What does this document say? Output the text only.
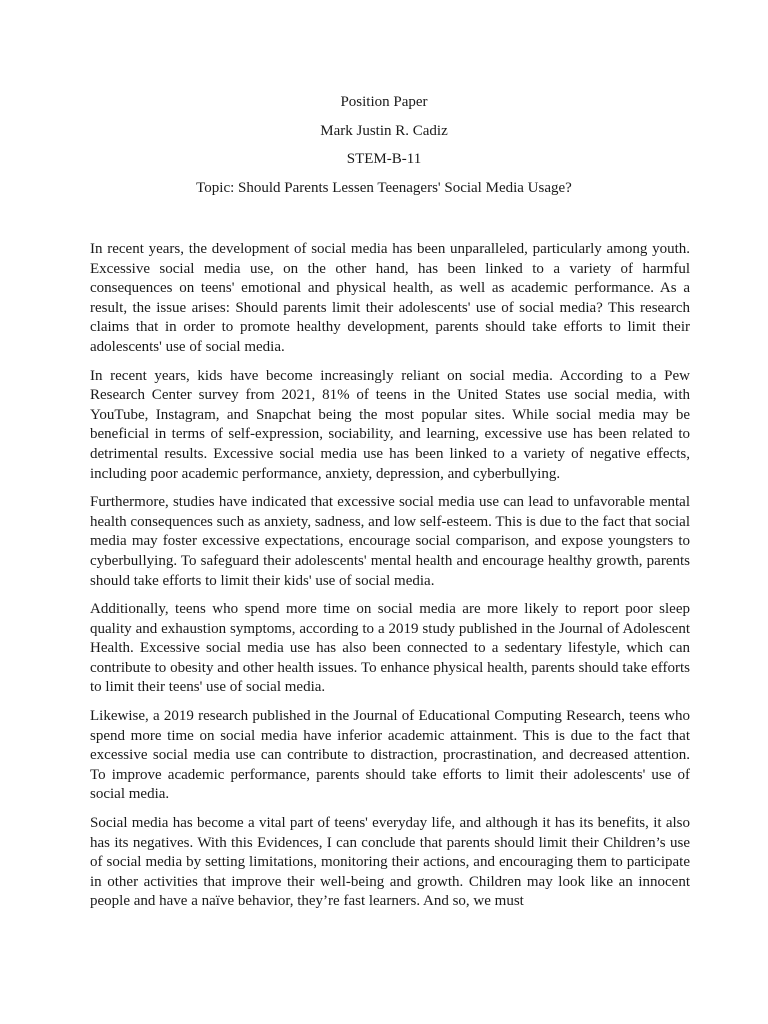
Position Paper

Mark Justin R. Cadiz

STEM-B-11

Topic: Should Parents Lessen Teenagers' Social Media Usage?

In recent years, the development of social media has been unparalleled, particularly among youth. Excessive social media use, on the other hand, has been linked to a variety of harmful consequences on teens' emotional and physical health, as well as academic performance. As a result, the issue arises: Should parents limit their adolescents' use of social media? This research claims that in order to promote healthy development, parents should take efforts to limit their adolescents' use of social media.

In recent years, kids have become increasingly reliant on social media. According to a Pew Research Center survey from 2021, 81% of teens in the United States use social media, with YouTube, Instagram, and Snapchat being the most popular sites. While social media may be beneficial in terms of self-expression, sociability, and learning, excessive use has been related to detrimental results. Excessive social media use has been linked to a variety of negative effects, including poor academic performance, anxiety, depression, and cyberbullying.

Furthermore, studies have indicated that excessive social media use can lead to unfavorable mental health consequences such as anxiety, sadness, and low self-esteem. This is due to the fact that social media may foster excessive expectations, encourage social comparison, and expose youngsters to cyberbullying. To safeguard their adolescents' mental health and encourage healthy growth, parents should take efforts to limit their kids' use of social media.

Additionally, teens who spend more time on social media are more likely to report poor sleep quality and exhaustion symptoms, according to a 2019 study published in the Journal of Adolescent Health. Excessive social media use has also been connected to a sedentary lifestyle, which can contribute to obesity and other health issues. To enhance physical health, parents should take efforts to limit their teens' use of social media.

Likewise, a 2019 research published in the Journal of Educational Computing Research, teens who spend more time on social media have inferior academic attainment. This is due to the fact that excessive social media use can contribute to distraction, procrastination, and decreased attention. To improve academic performance, parents should take efforts to limit their adolescents' use of social media.

Social media has become a vital part of teens' everyday life, and although it has its benefits, it also has its negatives. With this Evidences, I can conclude that parents should limit their Children’s use of social media by setting limitations, monitoring their actions, and encouraging them to participate in other activities that improve their well-being and growth. Children may look like an innocent people and have a naïve behavior, they’re fast learners. And so, we must
